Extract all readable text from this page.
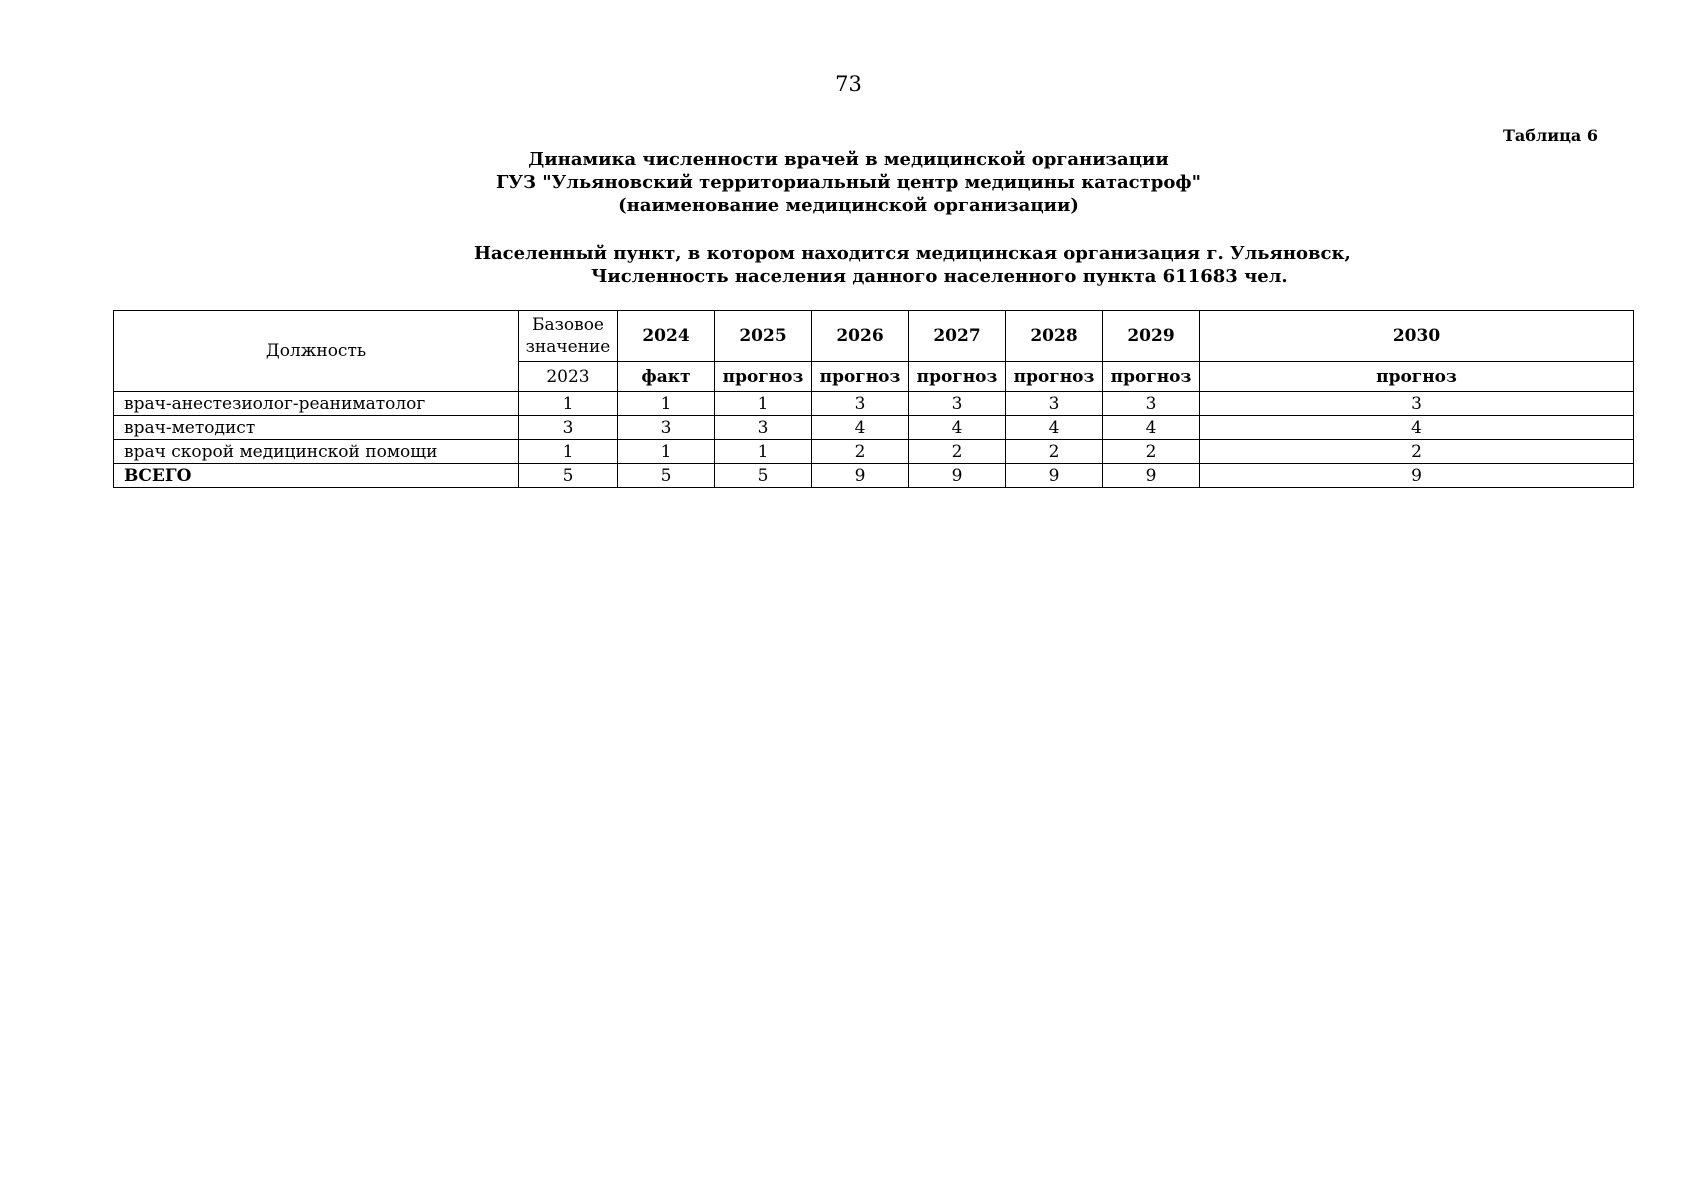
73
Таблица 6
Динамика численности врачей в медицинской организации
ГУЗ "Ульяновский территориальный центр медицины катастроф"
(наименование медицинской организации)
Населенный пункт, в котором находится медицинская организация г. Ульяновск,
Численность населения данного населенного пункта 611683 чел.
Должность	Базовое
значение	2024	2025	2026	2027	2028	2029	2030
	2023	факт	прогноз	прогноз	прогноз	прогноз	прогноз	прогноз
врач-анестезиолог-реаниматолог	1	1	1	3	3	3	3	3
врач-методист	3	3	3	4	4	4	4	4
врач скорой медицинской помощи	1	1	1	2	2	2	2	2
ВСЕГО	5	5	5	9	9	9	9	9
